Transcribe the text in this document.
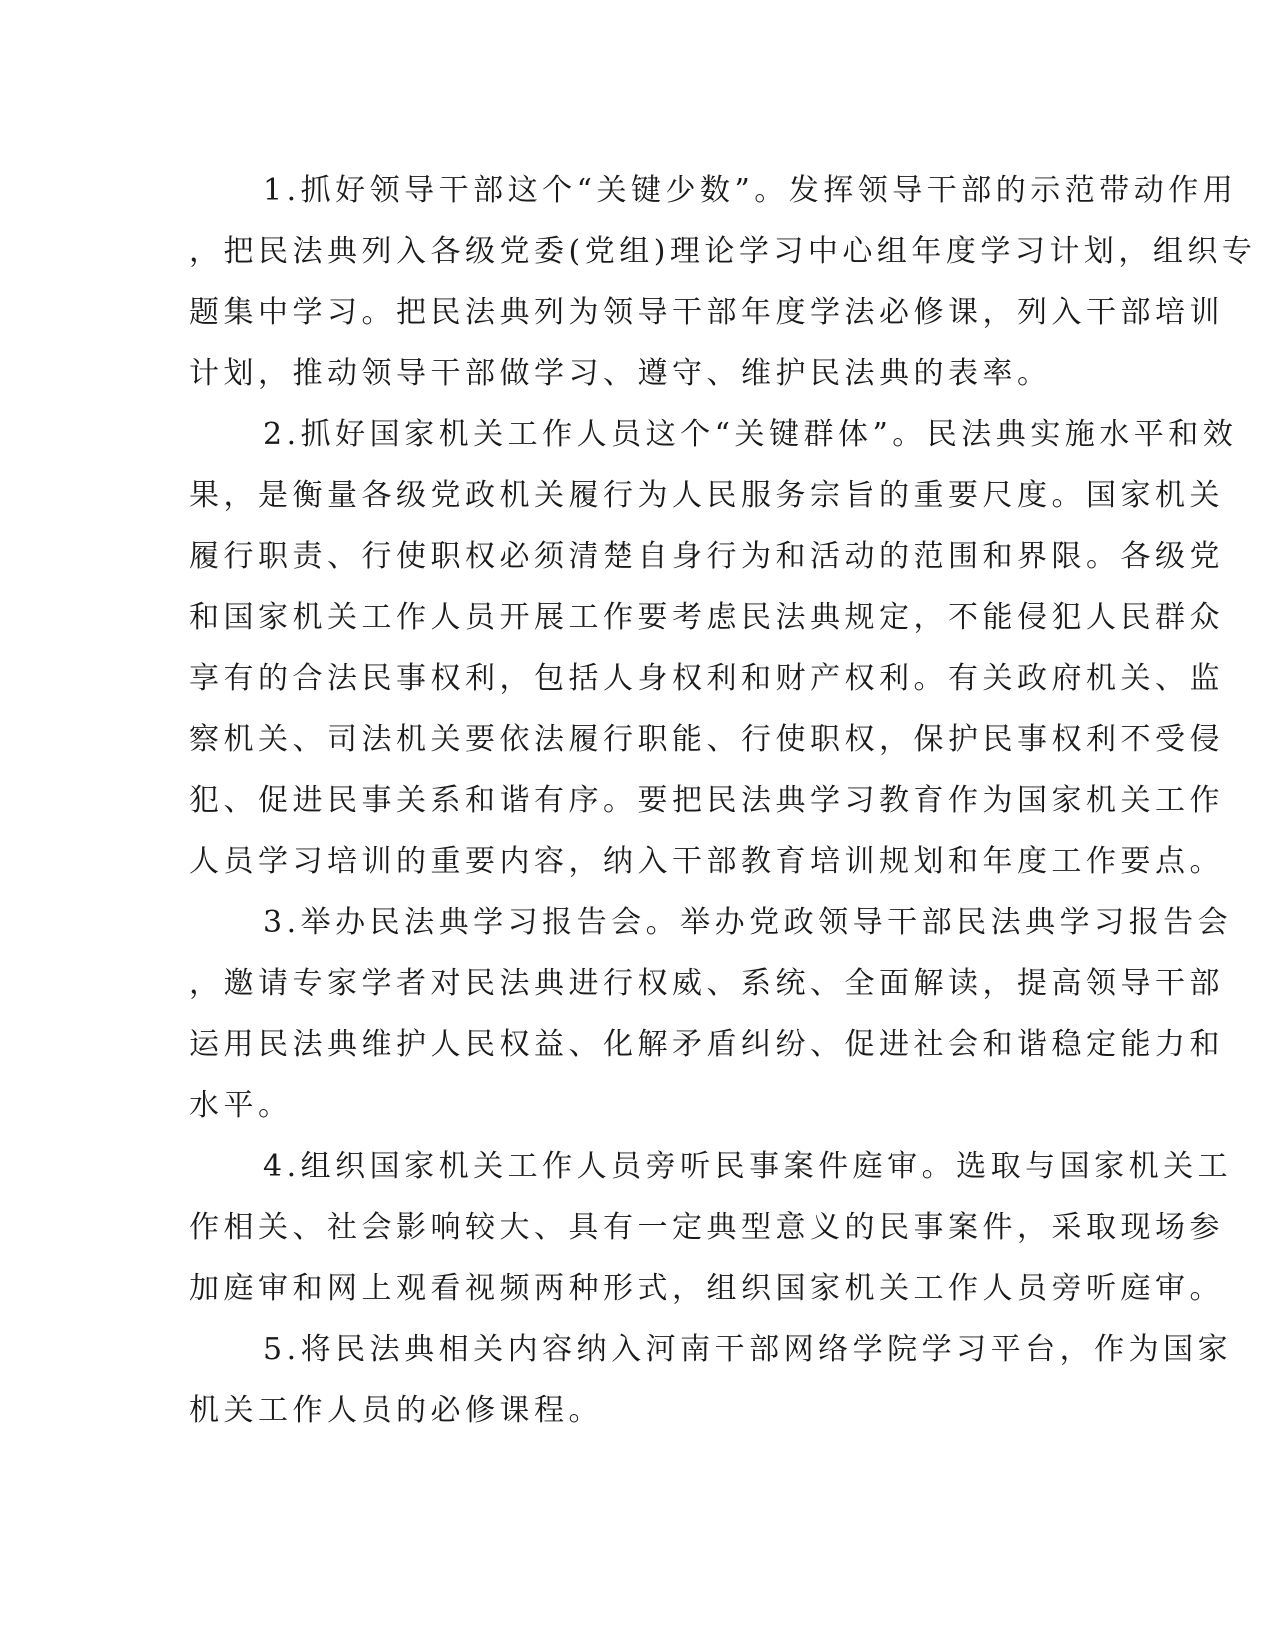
1.抓好领导干部这个“关键少数”。发挥领导干部的示范带动作用
，把民法典列入各级党委(党组)理论学习中心组年度学习计划，组织专
题集中学习。把民法典列为领导干部年度学法必修课，列入干部培训
计划，推动领导干部做学习、遵守、维护民法典的表率。
2.抓好国家机关工作人员这个“关键群体”。民法典实施水平和效
果，是衡量各级党政机关履行为人民服务宗旨的重要尺度。国家机关
履行职责、行使职权必须清楚自身行为和活动的范围和界限。各级党
和国家机关工作人员开展工作要考虑民法典规定，不能侵犯人民群众
享有的合法民事权利，包括人身权利和财产权利。有关政府机关、监
察机关、司法机关要依法履行职能、行使职权，保护民事权利不受侵
犯、促进民事关系和谐有序。要把民法典学习教育作为国家机关工作
人员学习培训的重要内容，纳入干部教育培训规划和年度工作要点。
3.举办民法典学习报告会。举办党政领导干部民法典学习报告会
，邀请专家学者对民法典进行权威、系统、全面解读，提高领导干部
运用民法典维护人民权益、化解矛盾纠纷、促进社会和谐稳定能力和
水平。
4.组织国家机关工作人员旁听民事案件庭审。选取与国家机关工
作相关、社会影响较大、具有一定典型意义的民事案件，采取现场参
加庭审和网上观看视频两种形式，组织国家机关工作人员旁听庭审。
5.将民法典相关内容纳入河南干部网络学院学习平台，作为国家
机关工作人员的必修课程。
